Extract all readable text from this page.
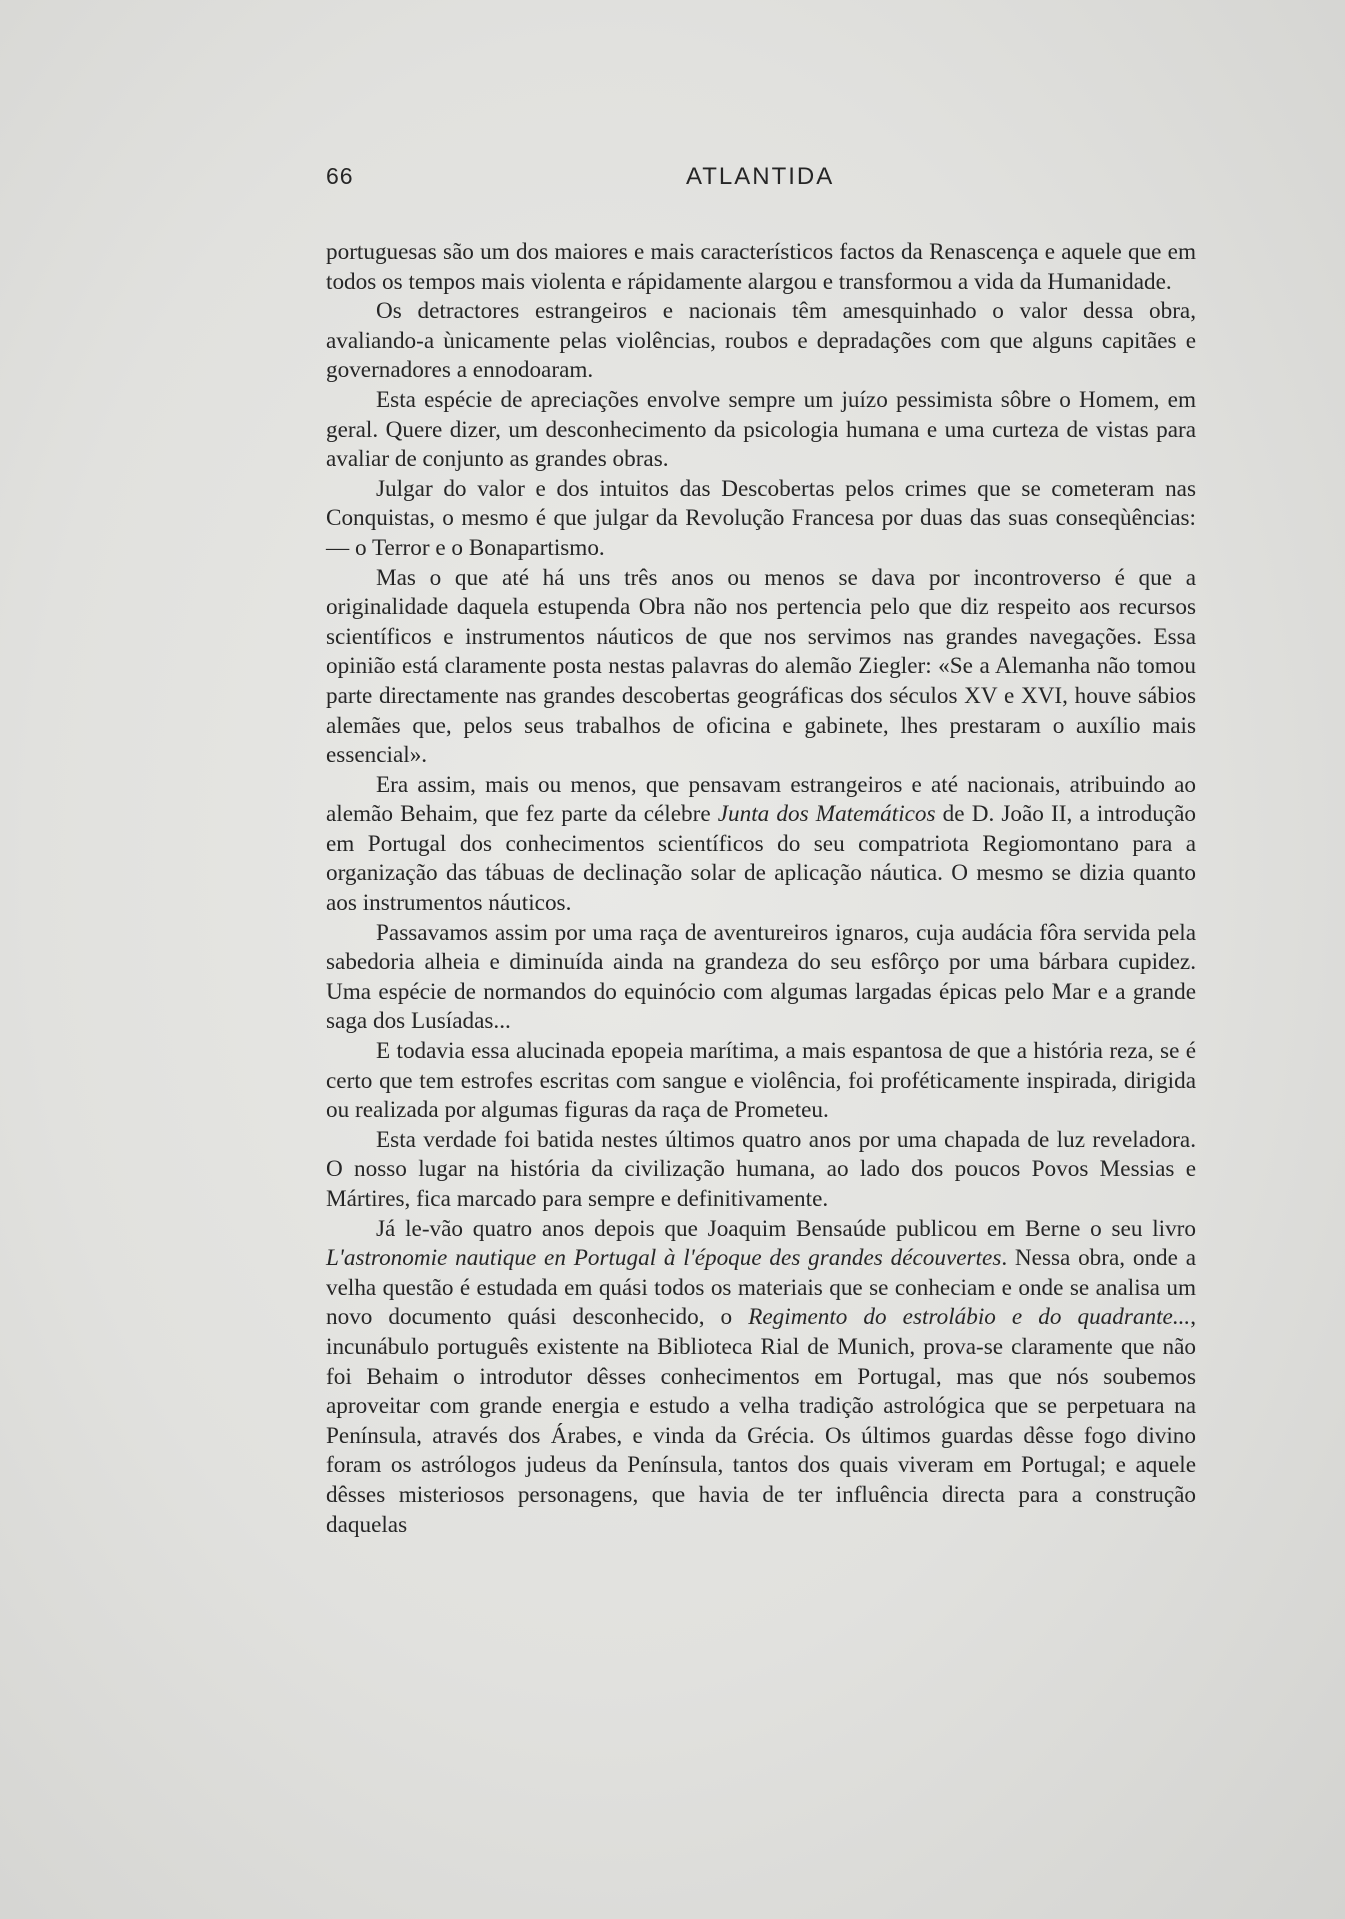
66	ATLANTIDA

portuguesas são um dos maiores e mais característicos factos da Renascença e aquele que em todos os tempos mais violenta e rápidamente alargou e transformou a vida da Humanidade.

Os detractores estrangeiros e nacionais têm amesquinhado o valor dessa obra, avaliando-a ùnicamente pelas violências, roubos e depradações com que alguns capitães e governadores a ennodoaram.

Esta espécie de apreciações envolve sempre um juízo pessimista sôbre o Homem, em geral. Quere dizer, um desconhecimento da psicologia humana e uma curteza de vistas para avaliar de conjunto as grandes obras.

Julgar do valor e dos intuitos das Descobertas pelos crimes que se cometeram nas Conquistas, o mesmo é que julgar da Revolução Francesa por duas das suas conseqùências: — o Terror e o Bonapartismo.

Mas o que até há uns três anos ou menos se dava por incontroverso é que a originalidade daquela estupenda Obra não nos pertencia pelo que diz respeito aos recursos scientíficos e instrumentos náuticos de que nos servimos nas grandes navegações. Essa opinião está claramente posta nestas palavras do alemão Ziegler: «Se a Alemanha não tomou parte directamente nas grandes descobertas geográficas dos séculos XV e XVI, houve sábios alemães que, pelos seus trabalhos de oficina e gabinete, lhes prestaram o auxílio mais essencial».

Era assim, mais ou menos, que pensavam estrangeiros e até nacionais, atribuindo ao alemão Behaim, que fez parte da célebre Junta dos Matemáticos de D. João II, a introdução em Portugal dos conhecimentos scientíficos do seu compatriota Regiomontano para a organização das tábuas de declinação solar de aplicação náutica. O mesmo se dizia quanto aos instrumentos náuticos.

Passavamos assim por uma raça de aventureiros ignaros, cuja audácia fôra servida pela sabedoria alheia e diminuída ainda na grandeza do seu esfôrço por uma bárbara cupidez. Uma espécie de normandos do equinócio com algumas largadas épicas pelo Mar e a grande saga dos Lusíadas...

E todavia essa alucinada epopeia marítima, a mais espantosa de que a história reza, se é certo que tem estrofes escritas com sangue e violência, foi proféticamente inspirada, dirigida ou realizada por algumas figuras da raça de Prometeu.

Esta verdade foi batida nestes últimos quatro anos por uma chapada de luz reveladora. O nosso lugar na história da civilização humana, ao lado dos poucos Povos Messias e Mártires, fica marcado para sempre e definitivamente.

Já le-vão quatro anos depois que Joaquim Bensaúde publicou em Berne o seu livro L'astronomie nautique en Portugal à l'époque des grandes découvertes. Nessa obra, onde a velha questão é estudada em quási todos os materiais que se conheciam e onde se analisa um novo documento quási desconhecido, o Regimento do estrolábio e do quadrante..., incunábulo português existente na Biblioteca Rial de Munich, prova-se claramente que não foi Behaim o introdutor dêsses conhecimentos em Portugal, mas que nós soubemos aproveitar com grande energia e estudo a velha tradição astrológica que se perpetuara na Península, através dos Árabes, e vinda da Grécia. Os últimos guardas dêsse fogo divino foram os astrólogos judeus da Península, tantos dos quais viveram em Portugal; e aquele dêsses misteriosos personagens, que havia de ter influência directa para a construção daquelas
